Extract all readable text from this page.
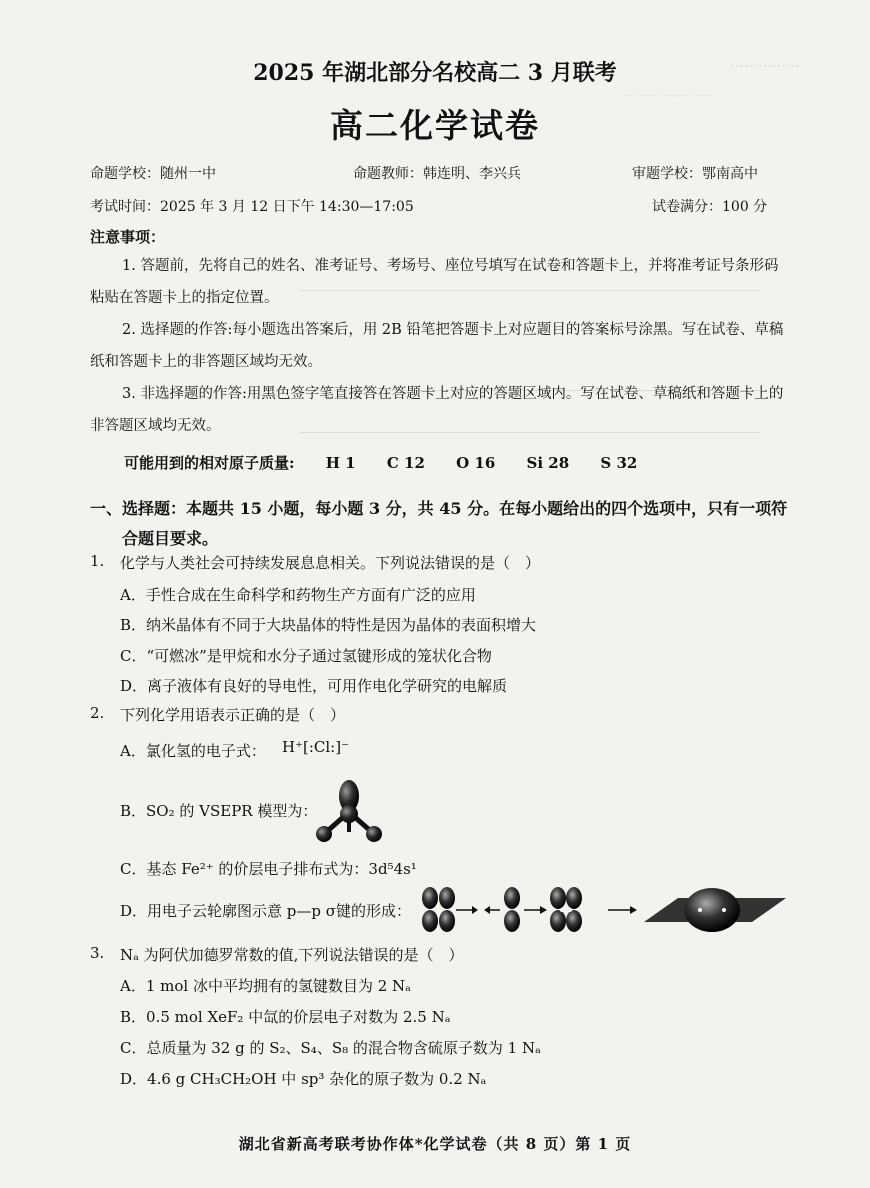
⋯⋯⋯⋯⋯
⋯⋯⋯⋯⋯⋯⋯
2025 年湖北部分名校高二 3 月联考
高二化学试卷
命题学校：随州一中	命题教师：韩连明、李兴兵	审题学校：鄂南高中
考试时间：2025 年 3 月 12 日下午 14:30—17:05	试卷满分：100 分
注意事项：

1. 答题前，先将自己的姓名、准考证号、考场号、座位号填写在试卷和答题卡上，并将准考证号条形码粘贴在答题卡上的指定位置。

2. 选择题的作答:每小题选出答案后，用 2B 铅笔把答题卡上对应题目的答案标号涂黑。写在试卷、草稿纸和答题卡上的非答题区域均无效。

3. 非选择题的作答:用黑色签字笔直接答在答题卡上对应的答题区域内。写在试卷、草稿纸和答题卡上的非答题区域均无效。

可能用到的相对原子质量: H 1 C 12 O 16 Si 28 S 32
一、选择题：本题共 15 小题，每小题 3 分，共 45 分。在每小题给出的四个选项中，只有一项符
合题目要求。
1. 化学与人类社会可持续发展息息相关。下列说法错误的是（　）
A．手性合成在生命科学和药物生产方面有广泛的应用
B．纳米晶体有不同于大块晶体的特性是因为晶体的表面积增大
C．“可燃冰”是甲烷和水分子通过氢键形成的笼状化合物
D．离子液体有良好的导电性，可用作电化学研究的电解质
2. 下列化学用语表示正确的是（　）
A．氯化氢的电子式： H⁺[:Cl:]⁻
B．SO₂ 的 VSEPR 模型为：
C．基态 Fe²⁺ 的价层电子排布式为：3d⁵4s¹
D．用电子云轮廓图示意 p—p σ键的形成：
3. Nₐ 为阿伏加德罗常数的值,下列说法错误的是（　）
A．1 mol 冰中平均拥有的氢键数目为 2 Nₐ
B．0.5 mol XeF₂ 中氙的价层电子对数为 2.5 Nₐ
C．总质量为 32 g 的 S₂、S₄、S₈ 的混合物含硫原子数为 1 Nₐ
D．4.6 g CH₃CH₂OH 中 sp³ 杂化的原子数为 0.2 Nₐ
湖北省新高考联考协作体*化学试卷（共 8 页）第 1 页
